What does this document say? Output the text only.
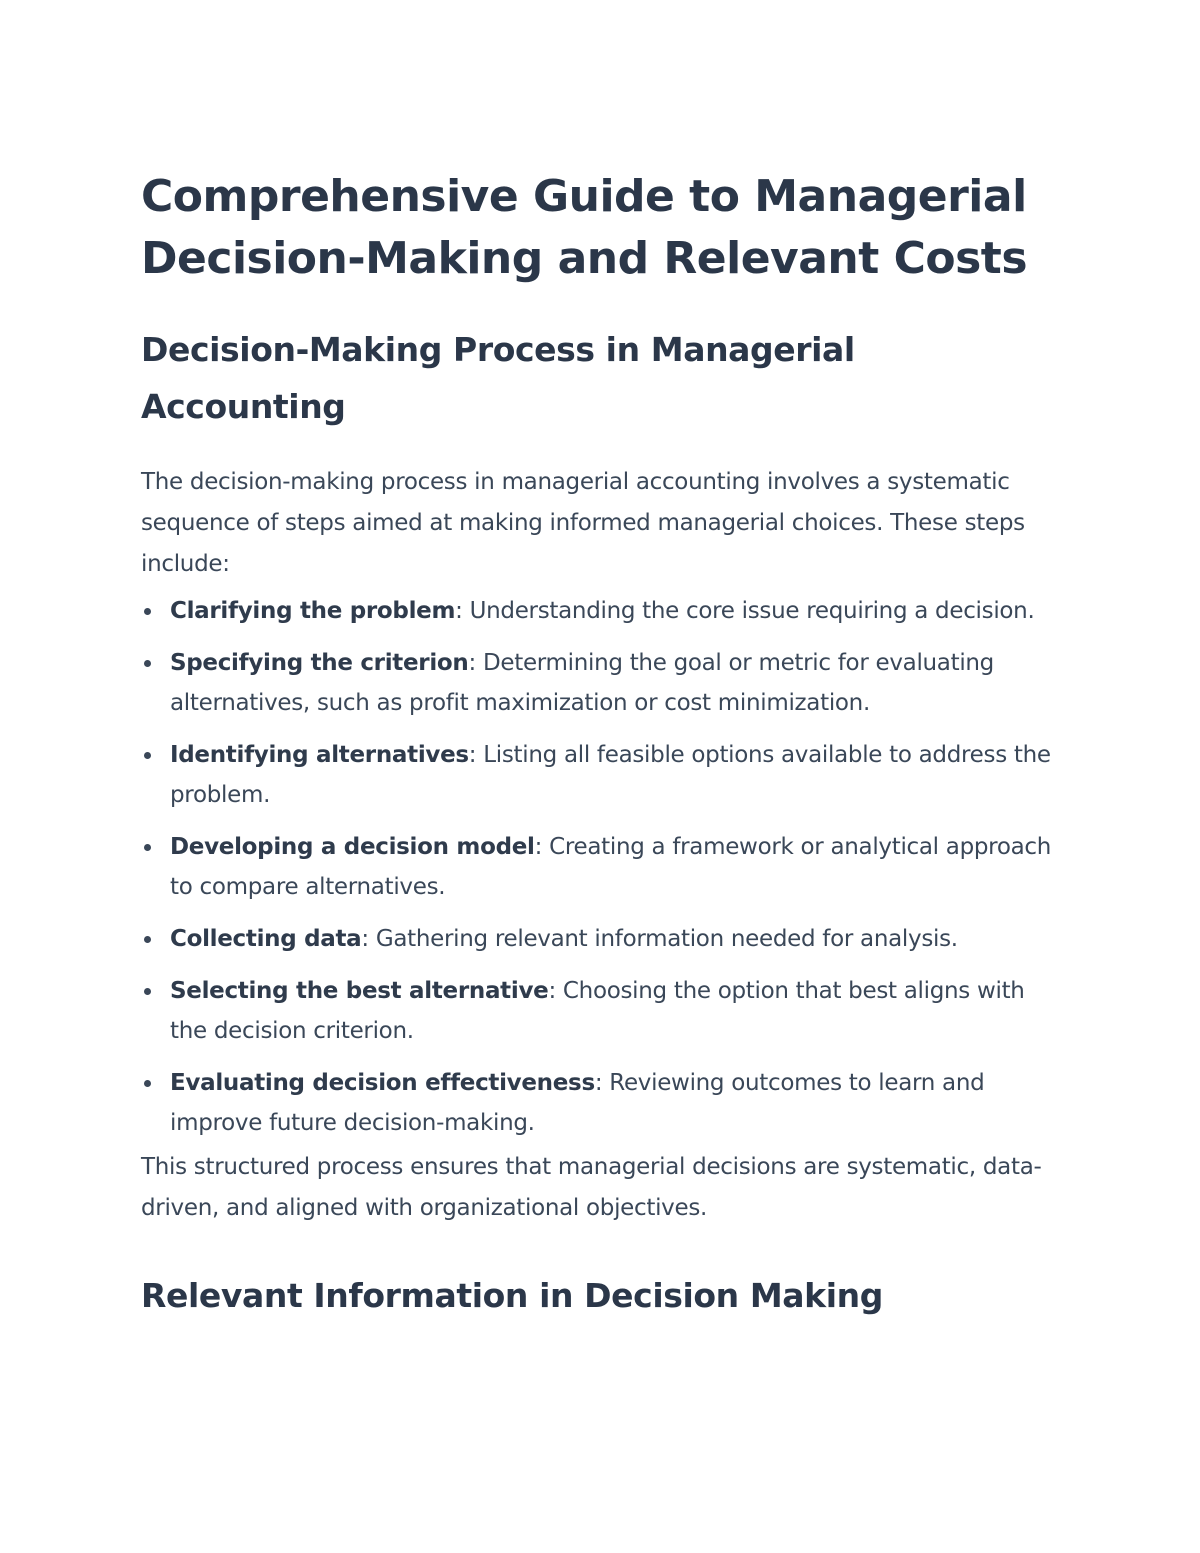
Comprehensive Guide to Managerial Decision-Making and Relevant Costs
Decision-Making Process in Managerial Accounting

The decision-making process in managerial accounting involves a systematic sequence of steps aimed at making informed managerial choices. These steps include:

Clarifying the problem: Understanding the core issue requiring a decision.
Specifying the criterion: Determining the goal or metric for evaluating alternatives, such as profit maximization or cost minimization.
Identifying alternatives: Listing all feasible options available to address the problem.
Developing a decision model: Creating a framework or analytical approach to compare alternatives.
Collecting data: Gathering relevant information needed for analysis.
Selecting the best alternative: Choosing the option that best aligns with the decision criterion.
Evaluating decision effectiveness: Reviewing outcomes to learn and improve future decision-making.

This structured process ensures that managerial decisions are systematic, data-driven, and aligned with organizational objectives.

Relevant Information in Decision Making
